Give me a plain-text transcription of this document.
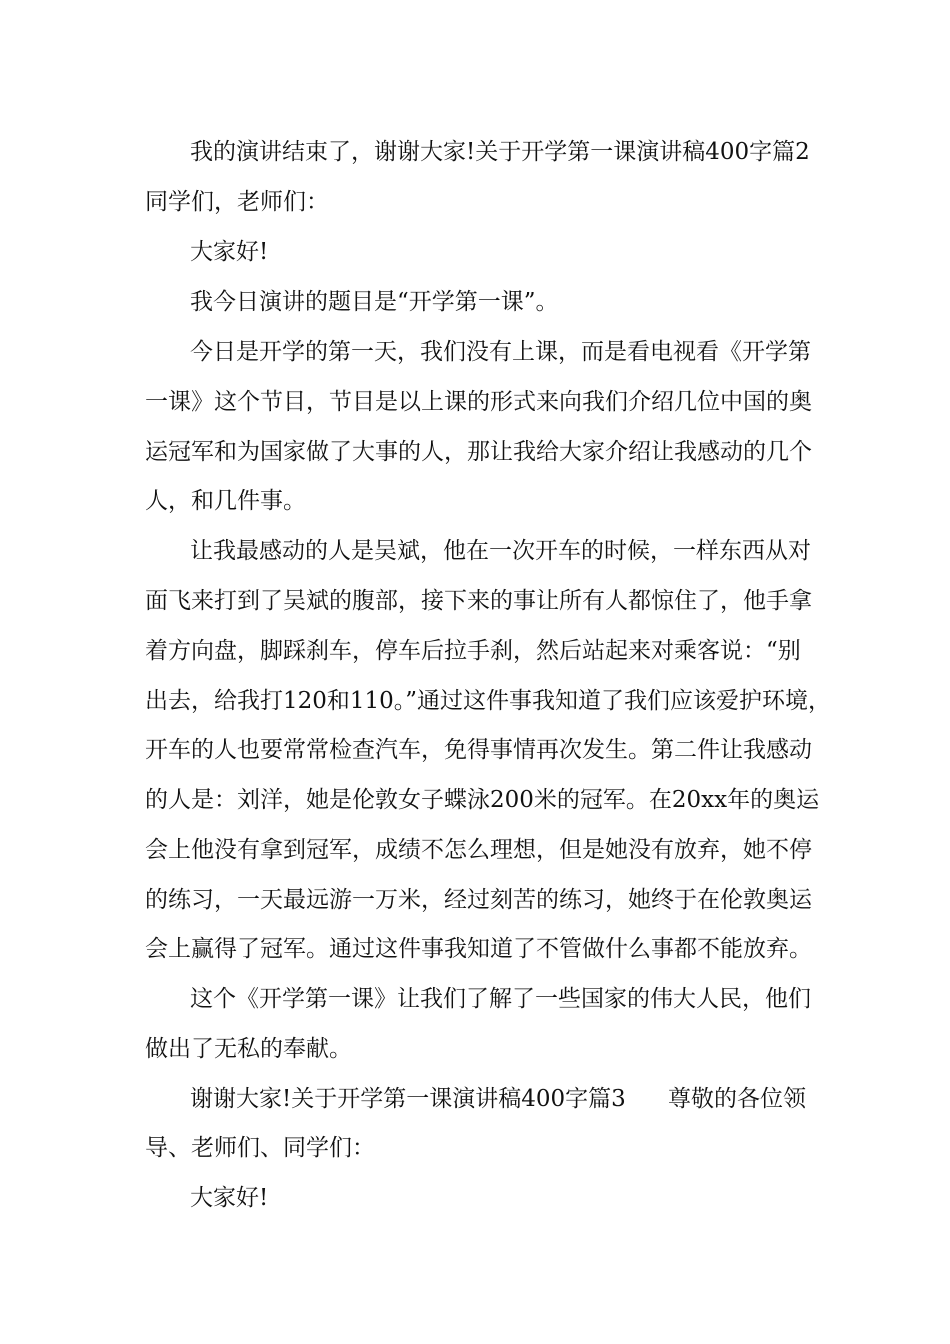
我的演讲结束了，谢谢大家!关于开学第一课演讲稿400字篇2
同学们，老师们：
大家好!
我今日演讲的题目是“开学第一课”。
今日是开学的第一天，我们没有上课，而是看电视看《开学第
一课》这个节目，节目是以上课的形式来向我们介绍几位中国的奥
运冠军和为国家做了大事的人，那让我给大家介绍让我感动的几个
人，和几件事。
让我最感动的人是吴斌，他在一次开车的时候，一样东西从对
面飞来打到了吴斌的腹部，接下来的事让所有人都惊住了，他手拿
着方向盘，脚踩刹车，停车后拉手刹，然后站起来对乘客说：“别
出去，给我打120和110。”通过这件事我知道了我们应该爱护环境，
开车的人也要常常检查汽车，免得事情再次发生。第二件让我感动
的人是：刘洋，她是伦敦女子蝶泳200米的冠军。在20xx年的奥运
会上他没有拿到冠军，成绩不怎么理想，但是她没有放弃，她不停
的练习，一天最远游一万米，经过刻苦的练习，她终于在伦敦奥运
会上赢得了冠军。通过这件事我知道了不管做什么事都不能放弃。
这个《开学第一课》让我们了解了一些国家的伟大人民，他们
做出了无私的奉献。
谢谢大家!关于开学第一课演讲稿400字篇3 尊敬的各位领
导、老师们、同学们：
大家好!
